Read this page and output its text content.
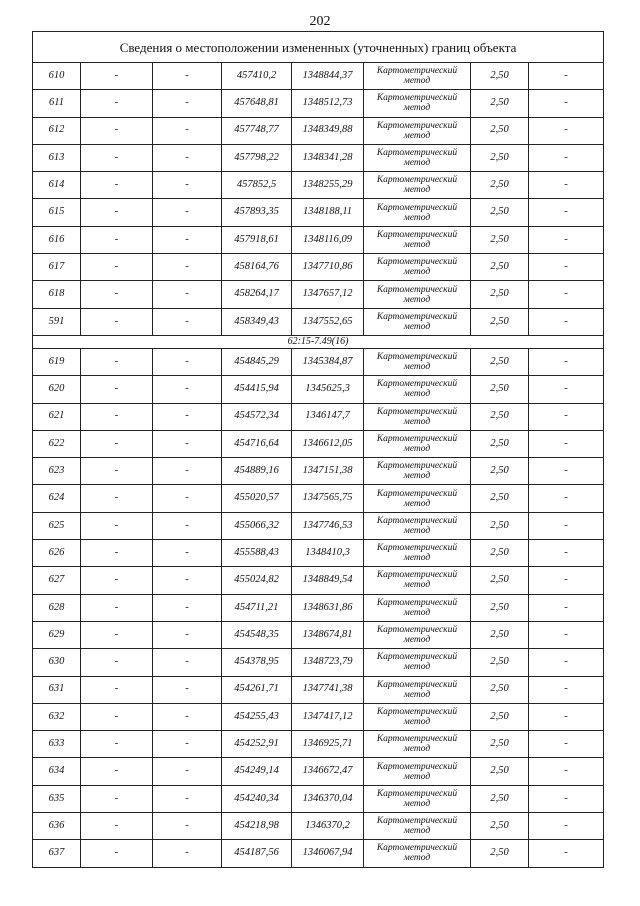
202
Сведения о местоположении измененных (уточненных) границ объекта							
610	-	-	457410,2	1348844,37	Картометрический метод	2,50	-
611	-	-	457648,81	1348512,73	Картометрический метод	2,50	-
612	-	-	457748,77	1348349,88	Картометрический метод	2,50	-
613	-	-	457798,22	1348341,28	Картометрический метод	2,50	-
614	-	-	457852,5	1348255,29	Картометрический метод	2,50	-
615	-	-	457893,35	1348188,11	Картометрический метод	2,50	-
616	-	-	457918,61	1348116,09	Картометрический метод	2,50	-
617	-	-	458164,76	1347710,86	Картометрический метод	2,50	-
618	-	-	458264,17	1347657,12	Картометрический метод	2,50	-
591	-	-	458349,43	1347552,65	Картометрический метод	2,50	-
62:15-7.49(16)							
619	-	-	454845,29	1345384,87	Картометрический метод	2,50	-
620	-	-	454415,94	1345625,3	Картометрический метод	2,50	-
621	-	-	454572,34	1346147,7	Картометрический метод	2,50	-
622	-	-	454716,64	1346612,05	Картометрический метод	2,50	-
623	-	-	454889,16	1347151,38	Картометрический метод	2,50	-
624	-	-	455020,57	1347565,75	Картометрический метод	2,50	-
625	-	-	455066,32	1347746,53	Картометрический метод	2,50	-
626	-	-	455588,43	1348410,3	Картометрический метод	2,50	-
627	-	-	455024,82	1348849,54	Картометрический метод	2,50	-
628	-	-	454711,21	1348631,86	Картометрический метод	2,50	-
629	-	-	454548,35	1348674,81	Картометрический метод	2,50	-
630	-	-	454378,95	1348723,79	Картометрический метод	2,50	-
631	-	-	454261,71	1347741,38	Картометрический метод	2,50	-
632	-	-	454255,43	1347417,12	Картометрический метод	2,50	-
633	-	-	454252,91	1346925,71	Картометрический метод	2,50	-
634	-	-	454249,14	1346672,47	Картометрический метод	2,50	-
635	-	-	454240,34	1346370,04	Картометрический метод	2,50	-
636	-	-	454218,98	1346370,2	Картометрический метод	2,50	-
637	-	-	454187,56	1346067,94	Картометрический метод	2,50	-
